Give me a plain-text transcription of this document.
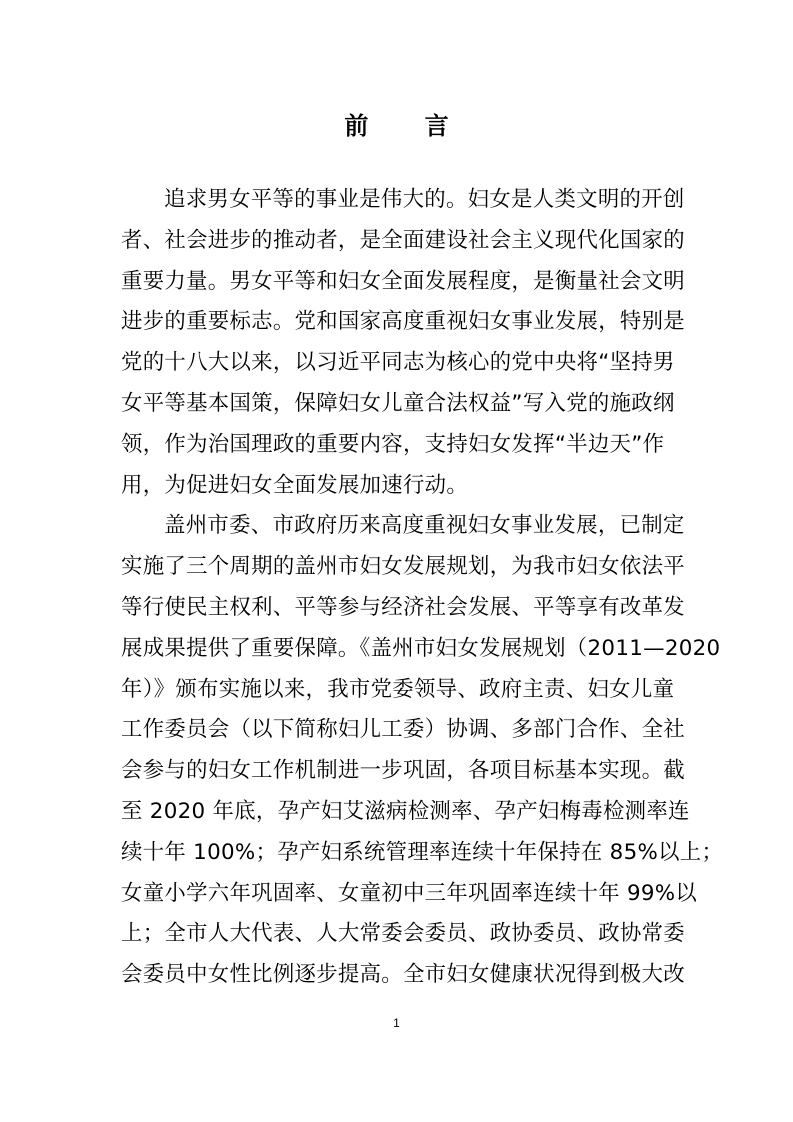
前 言
追求男女平等的事业是伟大的。妇女是人类文明的开创
者、社会进步的推动者，是全面建设社会主义现代化国家的
重要力量。男女平等和妇女全面发展程度，是衡量社会文明
进步的重要标志。党和国家高度重视妇女事业发展，特别是
党的十八大以来，以习近平同志为核心的党中央将“坚持男
女平等基本国策，保障妇女儿童合法权益”写入党的施政纲
领，作为治国理政的重要内容，支持妇女发挥“半边天”作
用，为促进妇女全面发展加速行动。
盖州市委、市政府历来高度重视妇女事业发展，已制定
实施了三个周期的盖州市妇女发展规划，为我市妇女依法平
等行使民主权利、平等参与经济社会发展、平等享有改革发
展成果提供了重要保障。《盖州市妇女发展规划（2011—2020
年）》颁布实施以来，我市党委领导、政府主责、妇女儿童
工作委员会（以下简称妇儿工委）协调、多部门合作、全社
会参与的妇女工作机制进一步巩固，各项目标基本实现。截
至 2020 年底，孕产妇艾滋病检测率、孕产妇梅毒检测率连
续十年 100%；孕产妇系统管理率连续十年保持在 85%以上；
女童小学六年巩固率、女童初中三年巩固率连续十年 99%以
上；全市人大代表、人大常委会委员、政协委员、政协常委
会委员中女性比例逐步提高。全市妇女健康状况得到极大改
1
